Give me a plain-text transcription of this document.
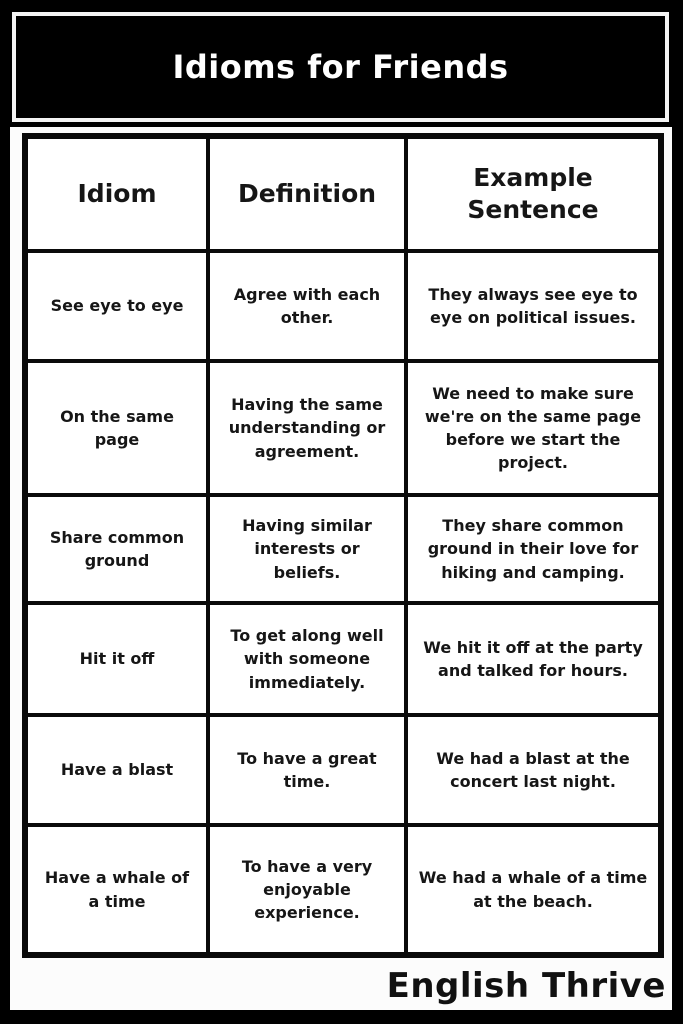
Idioms for Friends
Idiom	Definition	Example Sentence
See eye to eye	Agree with each other.	They always see eye to eye on political issues.
On the same page	Having the same understanding or agreement.	We need to make sure we're on the same page before we start the project.
Share common ground	Having similar interests or beliefs.	They share common ground in their love for hiking and camping.
Hit it off	To get along well with someone immediately.	We hit it off at the party and talked for hours.
Have a blast	To have a great time.	We had a blast at the concert last night.
Have a whale of a time	To have a very enjoyable experience.	We had a whale of a time at the beach.
English Thrive
